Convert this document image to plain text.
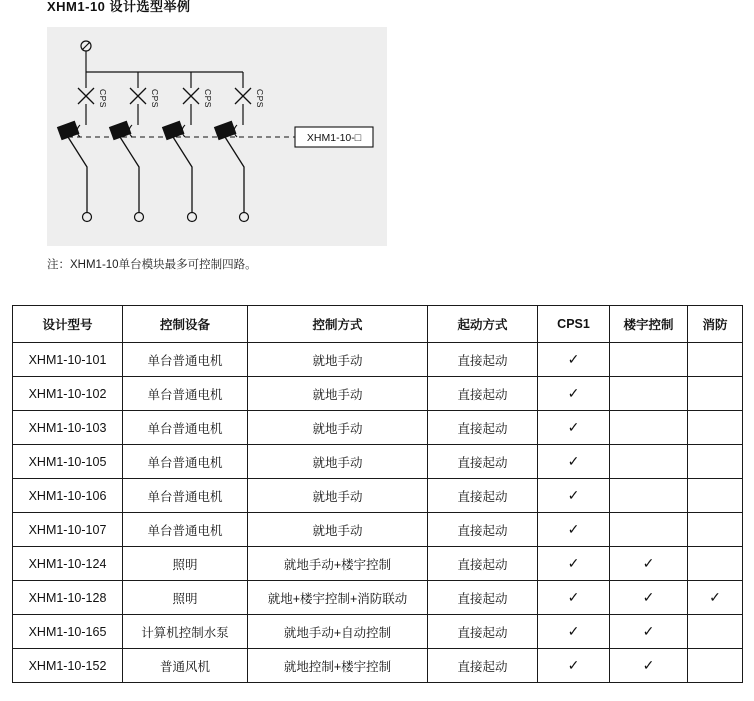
XHM1-10 设计选型举例
XHM1-10-□
CPS	CPS	CPS	CPS
注：XHM1-10单台模块最多可控制四路。
设计型号	控制设备	控制方式	起动方式	CPS1	楼宇控制	消防
XHM1-10-101	单台普通电机	就地手动	直接起动	✓		
XHM1-10-102	单台普通电机	就地手动	直接起动	✓		
XHM1-10-103	单台普通电机	就地手动	直接起动	✓		
XHM1-10-105	单台普通电机	就地手动	直接起动	✓		
XHM1-10-106	单台普通电机	就地手动	直接起动	✓		
XHM1-10-107	单台普通电机	就地手动	直接起动	✓		
XHM1-10-124	照明	就地手动+楼宇控制	直接起动	✓	✓	
XHM1-10-128	照明	就地+楼宇控制+消防联动	直接起动	✓	✓	✓
XHM1-10-165	计算机控制水泵	就地手动+自动控制	直接起动	✓	✓	
XHM1-10-152	普通风机	就地控制+楼宇控制	直接起动	✓	✓	
